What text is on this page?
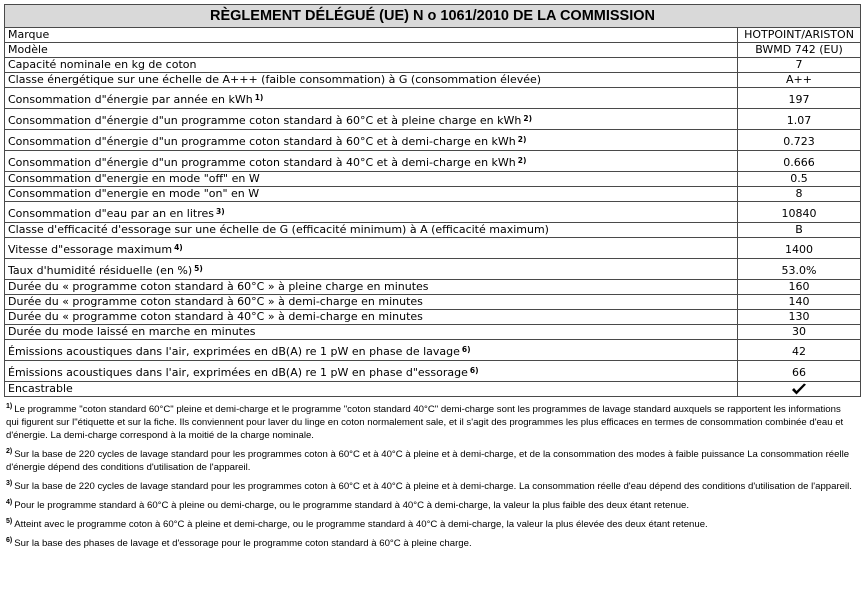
RÈGLEMENT DÉLÉGUÉ (UE) N o 1061/2010 DE LA COMMISSION	
Marque	HOTPOINT/ARISTON
Modèle	BWMD 742 (EU)
Capacité nominale en kg de coton	7
Classe énergétique sur une échelle de A+++ (faible consommation) à G (consommation élevée)	A++
Consommation d"énergie par année en kWh $^{1)}$	197
Consommation d"énergie d"un programme coton standard à 60°C et à pleine charge en kWh $^{2)}$	1.07
Consommation d"énergie d"un programme coton standard à 60°C et à demi-charge en kWh $^{2)}$	0.723
Consommation d"énergie d"un programme coton standard à 40°C et à demi-charge en kWh $^{2)}$	0.666
Consommation d"energie en mode "off" en W	0.5
Consommation d"energie en mode "on" en W	8
Consommation d"eau par an en litres $^{3)}$	10840
Classe d'efficacité d'essorage sur une échelle de G (efficacité minimum) à A (efficacité maximum)	B
Vitesse d"essorage maximum $^{4)}$	1400
Taux d'humidité résiduelle (en %) $^{5)}$	53.0%
Durée du « programme coton standard à 60°C » à pleine charge en minutes	160
Durée du « programme coton standard à 60°C » à demi-charge en minutes	140
Durée du « programme coton standard à 40°C » à demi-charge en minutes	130
Durée du mode laissé en marche en minutes	30
Émissions acoustiques dans l'air, exprimées en dB(A) re 1 pW en phase de lavage $^{6)}$	42
Émissions acoustiques dans l'air, exprimées en dB(A) re 1 pW en phase d"essorage $^{6)}$	66
Encastrable	
$^{1)}$ Le programme "coton standard 60°C" pleine et demi-charge et le programme "coton standard 40°C" demi-charge sont les programmes de lavage standard auxquels se rapportent les informations qui figurent sur l"étiquette et sur la fiche. Ils conviennent pour laver du linge en coton normalement sale, et il s'agit des programmes les plus efficaces en termes de consommation combinée d'eau et d'énergie. La demi-charge correspond à la moitié de la charge nominale.
$^{2)}$ Sur la base de 220 cycles de lavage standard pour les programmes coton à 60°C et à 40°C à pleine et à demi-charge, et de la consommation des modes à faible puissance La consommation réelle d'énergie dépend des conditions d'utilisation de l'appareil.
$^{3)}$ Sur la base de 220 cycles de lavage standard pour les programmes coton à 60°C et à 40°C à pleine et à demi-charge. La consommation réelle d'eau dépend des conditions d'utilisation de l'appareil.
$^{4)}$ Pour le programme standard à 60°C à pleine ou demi-charge, ou le programme standard à 40°C à demi-charge, la valeur la plus faible des deux étant retenue.
$^{5)}$ Atteint avec le programme coton à 60°C à pleine et demi-charge, ou le programme standard à 40°C à demi-charge, la valeur la plus élevée des deux étant retenue.
$^{6)}$ Sur la base des phases de lavage et d'essorage pour le programme coton standard à 60°C à pleine charge.
